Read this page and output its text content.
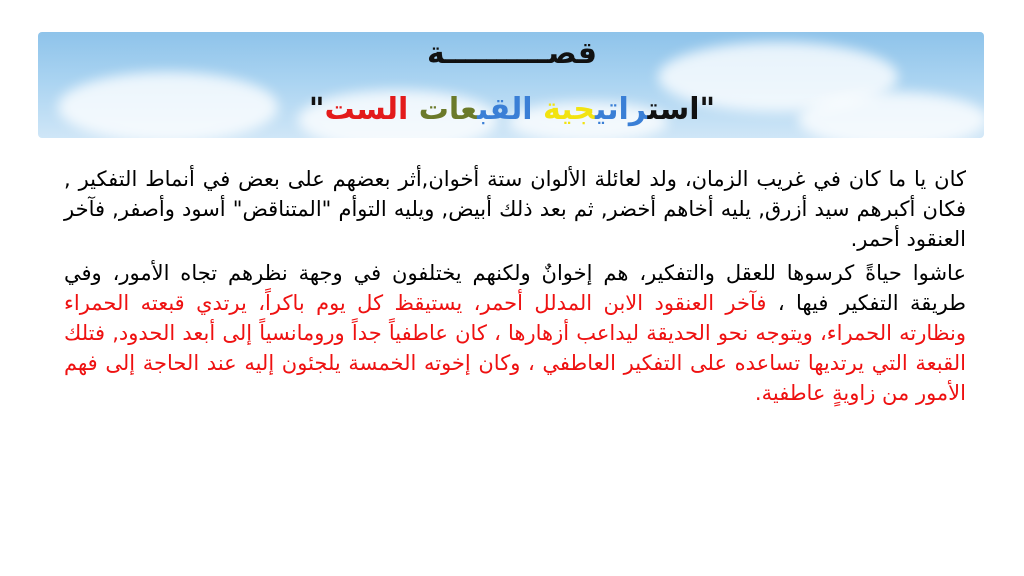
قصــــــــــة
"استراتيجية القبعات الست"

كان يا ما كان في غريب الزمان، ولد لعائلة الألوان ستة أخوان,أثر بعضهم على بعض في أنماط التفكير , فكان أكبرهم سيد أزرق, يليه أخاهم أخضر, ثم بعد ذلك أبيض, ويليه التوأم "المتناقض" أسود وأصفر, فآخر العنقود أحمر.

عاشوا حياةً كرسوها للعقل والتفكير، هم إخوانٌ ولكنهم يختلفون في وجهة نظرهم تجاه الأمور، وفي طريقة التفكير فيها ، فآخر العنقود الابن المدلل أحمر، يستيقظ كل يوم باكراً، يرتدي قبعته الحمراء ونظارته الحمراء، ويتوجه نحو الحديقة ليداعب أزهارها ، كان عاطفياً جداً ورومانسياً إلى أبعد الحدود, فتلك القبعة التي يرتديها تساعده على التفكير العاطفي ، وكان إخوته الخمسة يلجئون إليه عند الحاجة إلى فهم الأمور من زاويةٍ عاطفية.
